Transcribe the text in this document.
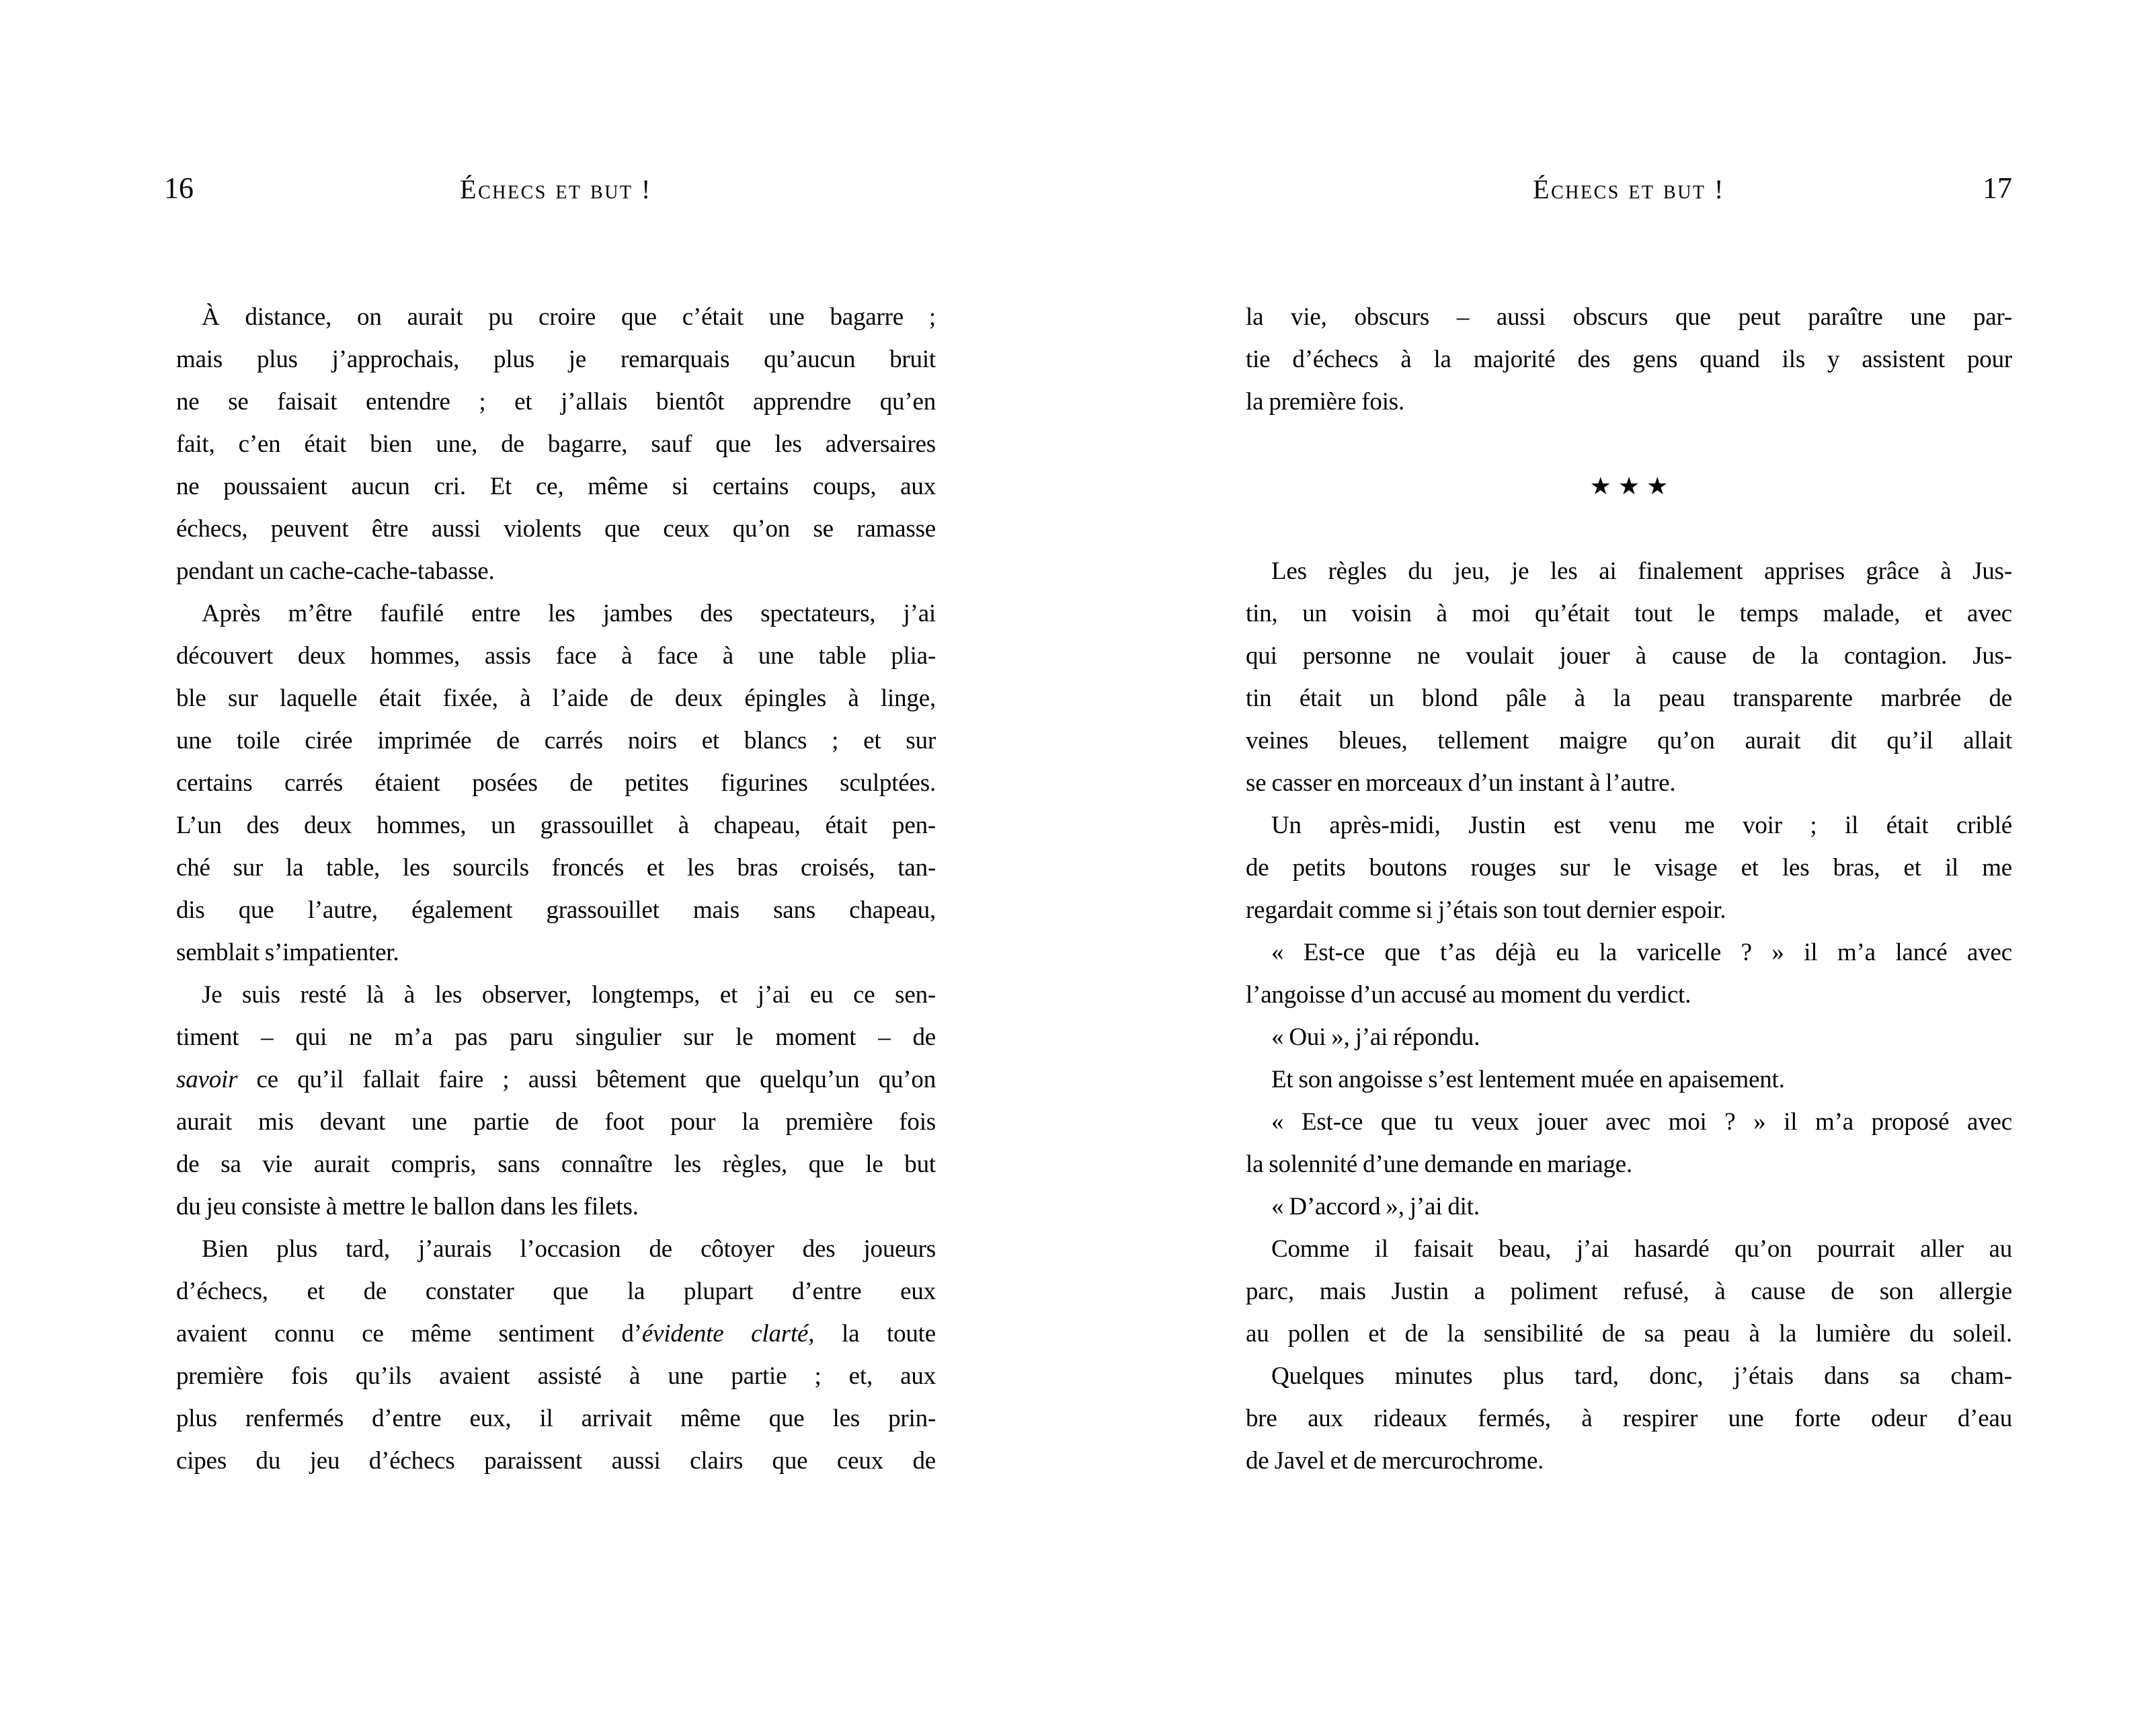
16	Échecs et but !	Échecs et but !	17
À distance, on aurait pu croire que c’était une bagarre ;
mais plus j’approchais, plus je remarquais qu’aucun bruit
ne se faisait entendre ; et j’allais bientôt apprendre qu’en
fait, c’en était bien une, de bagarre, sauf que les adversaires
ne poussaient aucun cri. Et ce, même si certains coups, aux
échecs, peuvent être aussi violents que ceux qu’on se ramasse
pendant un cache-cache-tabasse.
Après m’être faufilé entre les jambes des spectateurs, j’ai
découvert deux hommes, assis face à face à une table plia-
ble sur laquelle était fixée, à l’aide de deux épingles à linge,
une toile cirée imprimée de carrés noirs et blancs ; et sur
certains carrés étaient posées de petites figurines sculptées.
L’un des deux hommes, un grassouillet à chapeau, était pen-
ché sur la table, les sourcils froncés et les bras croisés, tan-
dis que l’autre, également grassouillet mais sans chapeau,
semblait s’impatienter.
Je suis resté là à les observer, longtemps, et j’ai eu ce sen-
timent – qui ne m’a pas paru singulier sur le moment – de
savoir ce qu’il fallait faire ; aussi bêtement que quelqu’un qu’on
aurait mis devant une partie de foot pour la première fois
de sa vie aurait compris, sans connaître les règles, que le but
du jeu consiste à mettre le ballon dans les filets.
Bien plus tard, j’aurais l’occasion de côtoyer des joueurs
d’échecs, et de constater que la plupart d’entre eux
avaient connu ce même sentiment d’évidente clarté, la toute
première fois qu’ils avaient assisté à une partie ; et, aux
plus renfermés d’entre eux, il arrivait même que les prin-
cipes du jeu d’échecs paraissent aussi clairs que ceux de
la vie, obscurs – aussi obscurs que peut paraître une par-
tie d’échecs à la majorité des gens quand ils y assistent pour
la première fois.
★★★
Les règles du jeu, je les ai finalement apprises grâce à Jus-
tin, un voisin à moi qu’était tout le temps malade, et avec
qui personne ne voulait jouer à cause de la contagion. Jus-
tin était un blond pâle à la peau transparente marbrée de
veines bleues, tellement maigre qu’on aurait dit qu’il allait
se casser en morceaux d’un instant à l’autre.
Un après-midi, Justin est venu me voir ; il était criblé
de petits boutons rouges sur le visage et les bras, et il me
regardait comme si j’étais son tout dernier espoir.
« Est-ce que t’as déjà eu la varicelle ? » il m’a lancé avec
l’angoisse d’un accusé au moment du verdict.
« Oui », j’ai répondu.
Et son angoisse s’est lentement muée en apaisement.
« Est-ce que tu veux jouer avec moi ? » il m’a proposé avec
la solennité d’une demande en mariage.
« D’accord », j’ai dit.
Comme il faisait beau, j’ai hasardé qu’on pourrait aller au
parc, mais Justin a poliment refusé, à cause de son allergie
au pollen et de la sensibilité de sa peau à la lumière du soleil.
Quelques minutes plus tard, donc, j’étais dans sa cham-
bre aux rideaux fermés, à respirer une forte odeur d’eau
de Javel et de mercurochrome.
